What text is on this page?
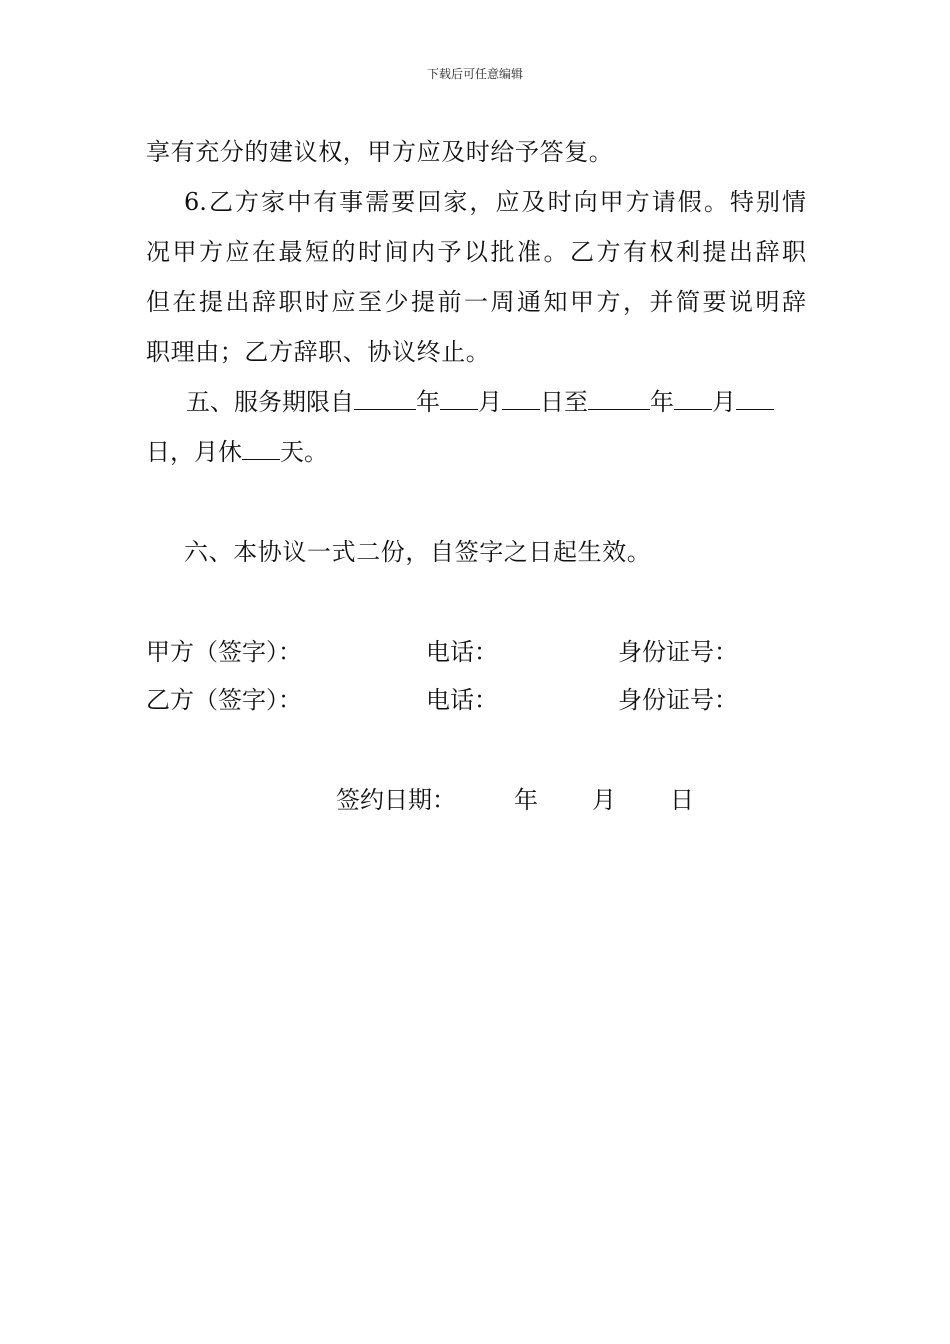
下载后可任意编辑
享有充分的建议权，甲方应及时给予答复。
6.乙方家中有事需要回家，应及时向甲方请假。特别情
况甲方应在最短的时间内予以批准。乙方有权利提出辞职
但在提出辞职时应至少提前一周通知甲方，并简要说明辞
职理由；乙方辞职、协议终止。
五、服务期限自	年 月 日至	年 月
日，月休 天。
六、本协议一式二份，自签字之日起生效。
甲方（签字）：	电话：	身份证号：
乙方（签字）：	电话：	身份证号：
签约日期： 年 月 日
